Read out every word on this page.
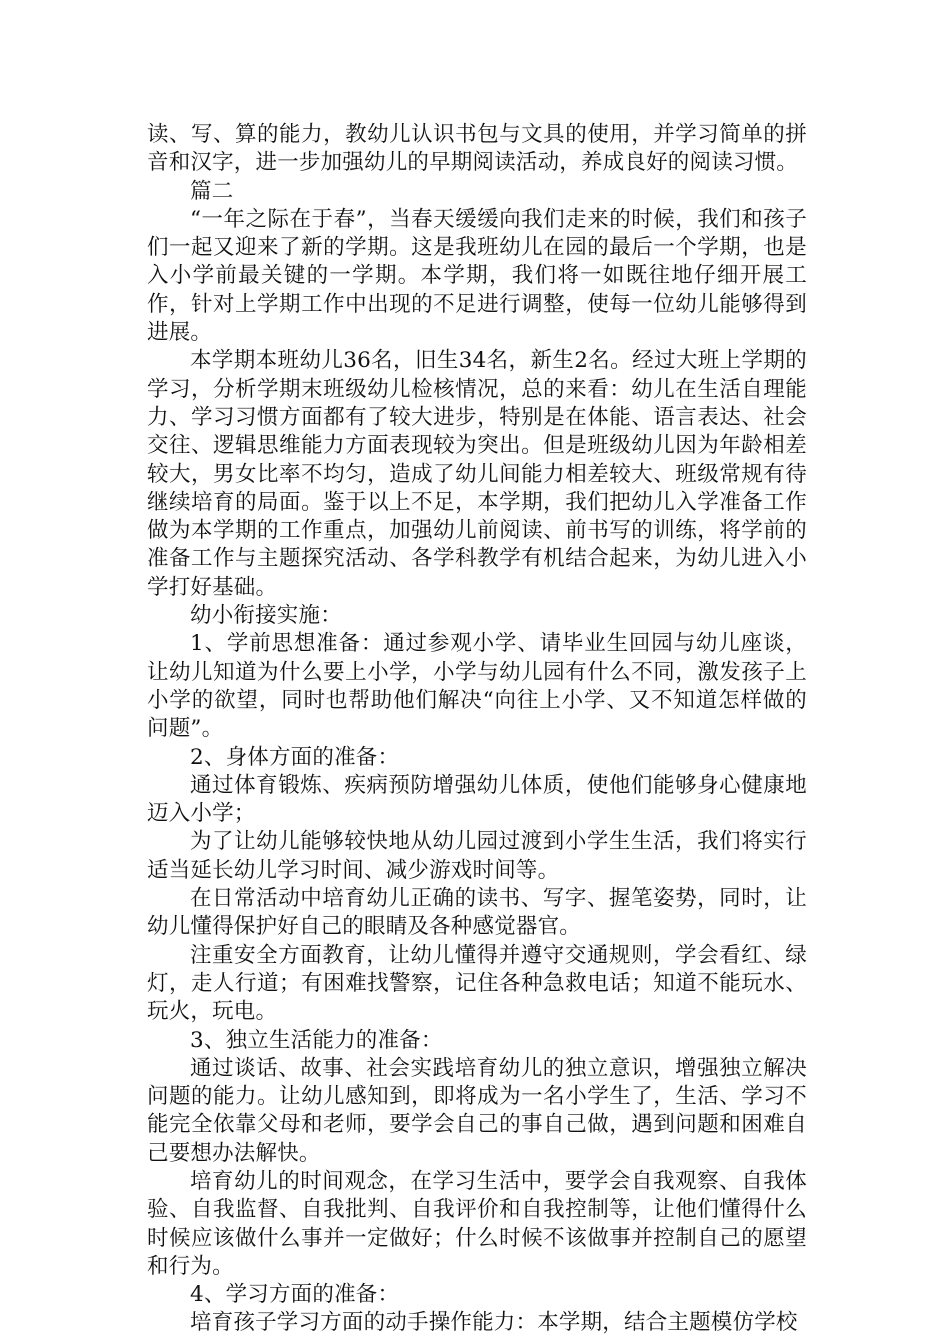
读、写、算的能力，教幼儿认识书包与文具的使用，并学习简单的拼音和汉字，进一步加强幼儿的早期阅读活动，养成良好的阅读习惯。

篇二

“一年之际在于春”，当春天缓缓向我们走来的时候，我们和孩子们一起又迎来了新的学期。这是我班幼儿在园的最后一个学期，也是入小学前最关键的一学期。本学期，我们将一如既往地仔细开展工作，针对上学期工作中出现的不足进行调整，使每一位幼儿能够得到进展。

本学期本班幼儿36名，旧生34名，新生2名。经过大班上学期的学习，分析学期末班级幼儿检核情况，总的来看：幼儿在生活自理能力、学习习惯方面都有了较大进步，特别是在体能、语言表达、社会交往、逻辑思维能力方面表现较为突出。但是班级幼儿因为年龄相差较大，男女比率不均匀，造成了幼儿间能力相差较大、班级常规有待继续培育的局面。鉴于以上不足，本学期，我们把幼儿入学准备工作做为本学期的工作重点，加强幼儿前阅读、前书写的训练，将学前的准备工作与主题探究活动、各学科教学有机结合起来，为幼儿进入小学打好基础。

幼小衔接实施：

1、学前思想准备：通过参观小学、请毕业生回园与幼儿座谈，让幼儿知道为什么要上小学，小学与幼儿园有什么不同，激发孩子上小学的欲望，同时也帮助他们解决“向往上小学、又不知道怎样做的问题”。

2、身体方面的准备：

通过体育锻炼、疾病预防增强幼儿体质，使他们能够身心健康地迈入小学；

为了让幼儿能够较快地从幼儿园过渡到小学生生活，我们将实行适当延长幼儿学习时间、减少游戏时间等。

在日常活动中培育幼儿正确的读书、写字、握笔姿势，同时，让幼儿懂得保护好自己的眼睛及各种感觉器官。

注重安全方面教育，让幼儿懂得并遵守交通规则，学会看红、绿灯，走人行道；有困难找警察，记住各种急救电话；知道不能玩水、玩火，玩电。

3、独立生活能力的准备：

通过谈话、故事、社会实践培育幼儿的独立意识，增强独立解决问题的能力。让幼儿感知到，即将成为一名小学生了，生活、学习不能完全依靠父母和老师，要学会自己的事自己做，遇到问题和困难自己要想办法解快。

培育幼儿的时间观念，在学习生活中，要学会自我观察、自我体验、自我监督、自我批判、自我评价和自我控制等，让他们懂得什么时候应该做什么事并一定做好；什么时候不该做事并控制自己的愿望和行为。

4、学习方面的准备：

培育孩子学习方面的动手操作能力：本学期，结合主题模仿学校
